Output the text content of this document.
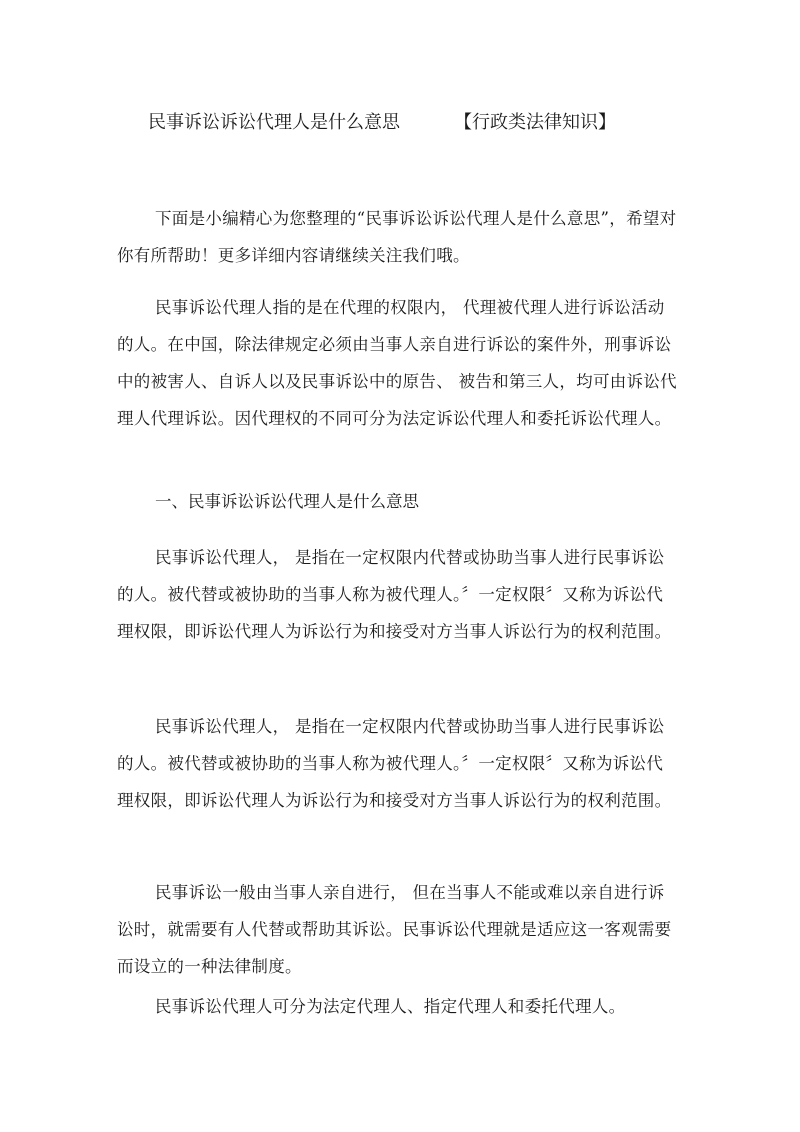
民事诉讼诉讼代理人是什么意思	【行政类法律知识】

下面是小编精心为您整理的“民事诉讼诉讼代理人是什么意思”，希望对你有所帮助！更多详细内容请继续关注我们哦。

民事诉讼代理人指的是在代理的权限内， 代理被代理人进行诉讼活动的人。在中国，除法律规定必须由当事人亲自进行诉讼的案件外，刑事诉讼中的被害人、自诉人以及民事诉讼中的原告、 被告和第三人，均可由诉讼代理人代理诉讼。因代理权的不同可分为法定诉讼代理人和委托诉讼代理人。

一、民事诉讼诉讼代理人是什么意思

民事诉讼代理人， 是指在一定权限内代替或协助当事人进行民事诉讼的人。被代替或被协助的当事人称为被代理人。〞一定权限〞又称为诉讼代理权限，即诉讼代理人为诉讼行为和接受对方当事人诉讼行为的权利范围。

民事诉讼代理人， 是指在一定权限内代替或协助当事人进行民事诉讼的人。被代替或被协助的当事人称为被代理人。〞一定权限〞又称为诉讼代理权限，即诉讼代理人为诉讼行为和接受对方当事人诉讼行为的权利范围。

民事诉讼一般由当事人亲自进行， 但在当事人不能或难以亲自进行诉讼时，就需要有人代替或帮助其诉讼。民事诉讼代理就是适应这一客观需要而设立的一种法律制度。

民事诉讼代理人可分为法定代理人、指定代理人和委托代理人。
